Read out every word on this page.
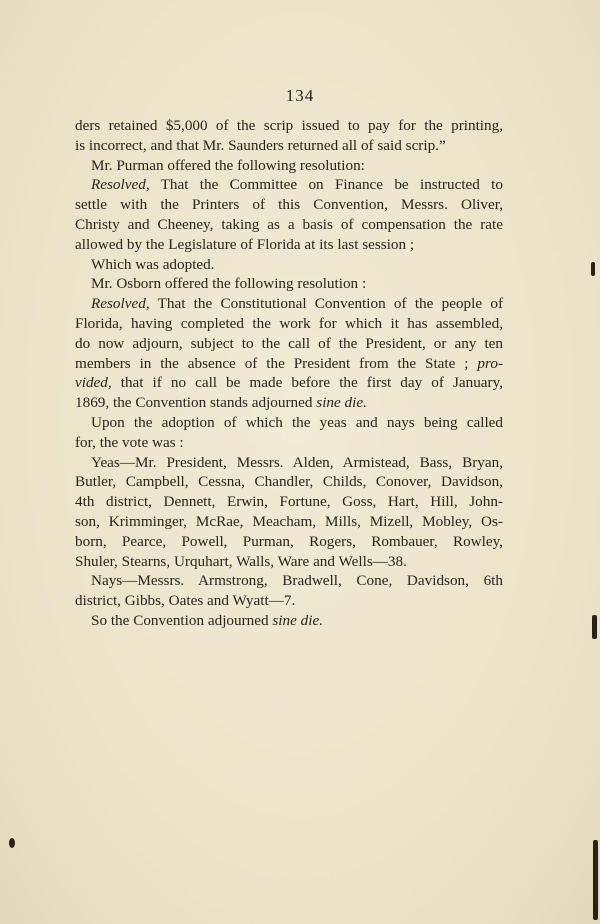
134
ders retained $5,000 of the scrip issued to pay for the printing,
is incorrect, and that Mr. Saunders returned all of said scrip.”
Mr. Purman offered the following resolution:
Resolved, That the Committee on Finance be instructed to
settle with the Printers of this Convention, Messrs. Oliver,
Christy and Cheeney, taking as a basis of compensation the rate
allowed by the Legislature of Florida at its last session ;
Which was adopted.
Mr. Osborn offered the following resolution :
Resolved, That the Constitutional Convention of the people of
Florida, having completed the work for which it has assembled,
do now adjourn, subject to the call of the President, or any ten
members in the absence of the President from the State ; pro-
vided, that if no call be made before the first day of January,
1869, the Convention stands adjourned sine die.
Upon the adoption of which the yeas and nays being called
for, the vote was :
Yeas—Mr. President, Messrs. Alden, Armistead, Bass, Bryan,
Butler, Campbell, Cessna, Chandler, Childs, Conover, Davidson,
4th district, Dennett, Erwin, Fortune, Goss, Hart, Hill, John-
son, Krimminger, McRae, Meacham, Mills, Mizell, Mobley, Os-
born, Pearce, Powell, Purman, Rogers, Rombauer, Rowley,
Shuler, Stearns, Urquhart, Walls, Ware and Wells—38.
Nays—Messrs. Armstrong, Bradwell, Cone, Davidson, 6th
district, Gibbs, Oates and Wyatt—7.
So the Convention adjourned sine die.
